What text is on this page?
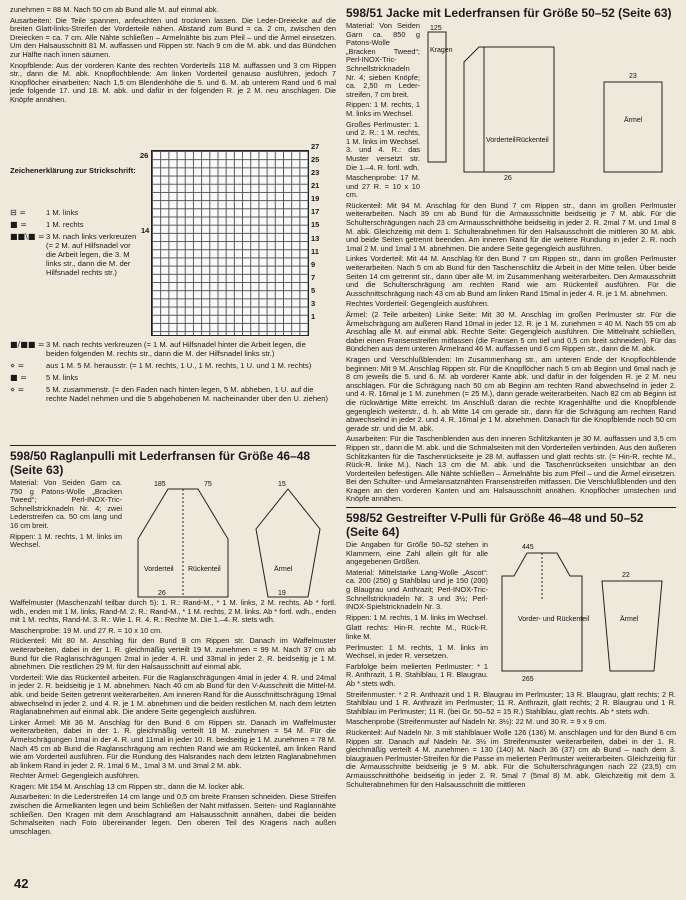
zunehmen = 88 M. Nach 50 cm ab Bund alle M. auf einmal abk.

Ausarbeiten: Die Teile spannen, anfeuchten und trocknen lassen. Die Leder-Dreiecke auf die breiten Glatt-links-Streifen der Vorderteile nähen. Abstand zum Bund = ca. 2 cm, zwischen den Dreiecken = ca. 7 cm. Alle Nähte schließen – Armelnähte bis zum Pfeil – und die Ärmel einsetzen. Um den Halsausschnitt 81 M. auffassen und Rippen str. Nach 9 cm die M. abk. und das Bündchen zur Hälfte nach innen säumen.

Knopfblende: Aus der vorderen Kante des rechten Vorderteils 118 M. auffassen und 3 cm Rippen str., dann die M. abk. Knopflochblende: Am linken Vorderteil genauso ausführen, jedoch 7 Knopflöcher einarbeiten: Nach 1,5 cm Blendenhöhe die 5. und 6. M. ab unterem Rand und 6 mal jede folgende 17. und 18. M. abk. und dafür in der folgenden R. je 2 M. neu anschlagen. Die Knöpfe annähen.

26
14
27
25
23
21
19
17
15
13
11
9
7
5
3
1
Zeichenerklärung zur Strickschrift:
⊟ =	1 M. links
■ =	1 M. rechts
■■\■ = 3 M. nach links verkreuzen (= 2 M. auf Hilfsnadel vor die Arbeit legen, die 3. M links str., dann die M. der Hilfsnadel rechts str.)
■/■■ = 3 M. nach rechts verkreuzen (= 1 M. auf Hilfsnadel hinter die Arbeit legen, die beiden folgenden M. rechts str., dann die M. der Hilfsnadel links str.)
⋄ =	aus 1 M. 5 M. herausstr. (= 1 M. rechts, 1 U., 1 M. rechts, 1 U. und 1 M. rechts)
■ =	5 M. links
⋄ =	5 M. zusammenstr. (= den Faden nach hinten legen, 5 M. abheben, 1 U. auf die rechte Nadel nehmen und die 5 abgehobenen M. nacheinander über den U. ziehen)
598/50 Raglanpulli mit Lederfransen für Größe 46–48 (Seite 63)

Material: Von Seiden Garn ca. 750 g Patons-Wolle „Bracken Tweed“; Perl-INOX-Tric-Schnellstricknadeln Nr. 4; zwei Lederstreifen ca. 50 cm lang und 16 cm breit.

Rippen: 1 M. rechts, 1 M. links im Wechsel.

Vorderteil Rückenteil	Ärmel
185	75	15
26	19

Waffelmuster (Maschenzahl teilbar durch 5): 1. R.: Rand-M., * 1 M. links, 2 M. rechts. Ab * fortl. wdh., enden mit 1 M. links, Rand-M. 2. R.: Rand-M., * 1 M. rechts, 2 M. links. Ab * fortl. wdh., enden mit 1 M. rechts, Rand-M. 3. R.: Wie 1. R. 4. R.: Rechte M. Die 1.–4. R. stets wdh.

Maschenprobe: 19 M. und 27 R. = 10 x 10 cm.

Rückenteil: Mit 80 M. Anschlag für den Bund 8 cm Rippen str. Danach im Waffelmuster weiterarbeiten, dabei in der 1. R. gleichmäßig verteilt 19 M. zunehmen = 99 M. Nach 37 cm ab Bund für die Raglanschrägungen 2mal in jeder 4. R. und 33mal in jeder 2. R. beidseitig je 1 M. abnehmen. Die restlichen 29 M. für den Halsausschnitt auf einmal abk.

Vorderteil: Wie das Rückenteil arbeiten. Für die Raglanschrägungen 4mal in jeder 4. R. und 24mal in jeder 2. R. beidseitig je 1 M. abnehmen. Nach 40 cm ab Bund für den V-Ausschnitt die Mittel-M. abk. und beide Seiten getrennt weiterarbeiten. Am inneren Rand für die Ausschnittschrägung 19mal abwechselnd in jeder 2. und 4. R. je 1 M. abnehmen und die beiden restlichen M. nach dem letzten Raglanabnehmen auf einmal abk. Die andere Seite gegengleich ausführen.

Linker Ärmel: Mit 36 M. Anschlag für den Bund 6 cm Rippen str. Danach im Waffelmuster weiterarbeiten, dabei in der 1. R. gleichmäßig verteilt 18 M. zunehmen = 54 M. Für die Ärmelschrägungen 1mal in der 4. R. und 11mal in jeder 10. R. beidseitig je 1 M. zunehmen = 78 M. Nach 45 cm ab Bund die Raglanschrägung am rechten Rand wie am Rückenteil, am linken Rand wie am Vorderteil ausführen. Für die Rundung des Halsrandes nach dem letzten Raglanabnehmen ab linkem Rand in jeder 2. R. 1mal 6 M., 1mal 3 M. und 3mal 2 M. abk.

Rechter Ärmel: Gegengleich ausführen.

Kragen: Mit 154 M. Anschlag 13 cm Rippen str., dann die M. locker abk.

Ausarbeiten: In die Lederstreifen 14 cm lange und 0,5 cm breite Fransen schneiden. Diese Streifen zwischen die Ärmelkanten legen und beim Schließen der Naht mitfassen. Seiten- und Raglannähte schließen. Den Kragen mit dem Anschlagrand am Halsausschnitt annähen, dabei die beiden Schmalseiten nach Foto übereinander legen. Den oberen Teil des Kragens nach außen umschlagen.

42
598/51 Jacke mit Lederfransen für Größe 50–52 (Seite 63)

Material: Von Seiden Garn ca. 850 g Patons-Wolle „Bracken Tweed“; Perl-INOX-Tric-Schnellstricknadeln Nr. 4; sieben Knöpfe; ca. 2,50 m Leder-streifen, 7 cm breit.

Rippen: 1 M. rechts, 1 M. links im Wechsel.

Großes Perlmuster: 1. und 2. R.: 1 M. rechts, 1 M. links im Wechsel. 3. und 4. R.: das Muster versetzt str. Die 1.–4. R. fortl. wdh.

Maschenprobe: 17 M. und 27 R. = 10 x 10 cm.

Kragen
Vorderteil Rückenteil
Ärmel
125
26
23

Rückenteil: Mit 94 M. Anschlag für den Bund 7 cm Rippen str., dann im großen Perlmuster weiterarbeiten. Nach 39 cm ab Bund für die Armausschnitte beidseitig je 7 M. abk. Für die Schulterschrägungen nach 23 cm Armausschnitthöhe beidseitig in jeder 2. R. 2mal 7 M. und 1mal 8 M. abk. Gleichzeitig mit dem 1. Schulterabnehmen für den Halsausschnitt die mittleren 30 M. abk. und beide Seiten getrennt beenden. Am inneren Rand für die weitere Rundung in jeder 2. R. noch 1mal 2 M. und 1mal 1 M. abnehmen. Die andere Seite gegengleich ausführen.

Linkes Vorderteil: Mit 44 M. Anschlag für den Bund 7 cm Rippen str., dann im großen Perlmuster weiterarbeiten. Nach 5 cm ab Bund für den Taschenschlitz die Arbeit in der Mitte teilen. Über beide Seiten 14 cm getrennt str., dann über alle M. im Zusammenhang weiterarbeiten. Den Armausschnitt und die Schulterschrägung am rechten Rand wie am Rückenteil ausführen. Für die Ausschnittschrägung nach 43 cm ab Bund am linken Rand 15mal in jeder 4. R. je 1 M. abnehmen.

Rechtes Vorderteil: Gegengleich ausführen.

Ärmel: (2 Teile arbeiten) Linke Seite: Mit 30 M. Anschlag im großen Perlmuster str. Für die Ärmelschrägung am äußeren Rand 10mal in jeder 12. R. je 1 M. zunehmen = 40 M. Nach 55 cm ab Anschlag alle M. auf einmal abk. Rechte Seite: Gegengleich ausführen. Die Mittelnaht schließen, dabei einen Fransenstreifen mitfassen (die Fransen 5 cm tief und 0,5 cm breit schneiden). Für das Bündchen aus dem unteren Ärmelrand 46 M. auffassen und 6 cm Rippen str., dann die M. abk.

Kragen und Verschlußblenden: Im Zusammenhang str., am unteren Ende der Knopflochblende beginnen: Mit 9 M. Anschlag Rippen str. Für die Knopflöcher nach 5 cm ab Beginn und 6mal nach je 8 cm jeweils die 5. und 6. M. ab vorderer Kante abk. und dafür in der folgenden R. je 2 M. neu anschlagen. Für die Schrägung nach 50 cm ab Beginn am rechten Rand abwechselnd in jeder 2. und 4. R. 16mal je 1 M. zunehmen (= 25 M.), dann gerade weiterarbeiten. Nach 82 cm ab Beginn ist die rückwärtige Mitte erreicht. Im Anschluß daran die rechte Kragenhälfte und die Knopfblende gegengleich weiterstr., d. h. ab Mitte 14 cm gerade str., dann für die Schrägung am rechten Rand abwechselnd in jeder 2. und 4. R. 16mal je 1 M. abnehmen. Danach für die Knopfblende noch 50 cm gerade str. und die M. abk.

Ausarbeiten: Für die Taschenblenden aus den inneren Schlitzkanten je 30 M. auffassen und 3,5 cm Rippen str., dann die M. abk. und die Schmalseiten mit den Vorderteilen verbinden. Aus den äußeren Schlitzkanten für die Taschenrückseite je 28 M. auffassen und glatt rechts str. (= Hin-R. rechte M., Rück-R. linke M.). Nach 13 cm die M. abk. und die Taschenrückseiten unsichtbar an den Vorderteilen befestigen. Alle Nähte schließen – Ärmelnähte bis zum Pfeil – und die Ärmel einsetzen. Bei den Schulter- und Ärmelansatznähten Fransenstreifen mitfassen. Die Verschlußblenden und den Kragen an den vorderen Kanten und am Halsausschnitt annähen. Knopflöcher umstechen und Knöpfe annähen.

598/52 Gestreifter V-Pulli für Größe 46–48 und 50–52 (Seite 64)

Die Angaben für Größe 50–52 stehen in Klammern, eine Zahl allein gilt für alle angegebenen Größen.

Material: Mittelstarke Lang-Wolle „Ascot“: ca. 200 (250) g Stahlblau und je 150 (200) g Blaugrau und Anthrazit; Perl-INOX-Tric-Schnellstricknadeln Nr. 3 und 3½; Perl-INOX-Spielstricknadeln Nr. 3.

Rippen: 1 M. rechts, 1 M. links im Wechsel.

Glatt rechts: Hin-R. rechte M., Rück-R. linke M.

Perlmuster: 1 M. rechts, 1 M. links im Wechsel, in jeder R. versetzen.

Farbfolge beim melierten Perlmuster: * 1 R. Anthrazit, 1 R. Stahlblau, 1 R. Blaugrau. Ab * stets wdh.

Vorder- und Rückenteil	Ärmel
445
265
22

Streifenmuster: * 2 R. Anthrazit und 1 R. Blaugrau im Perlmuster; 13 R. Blaugrau, glatt rechts; 2 R. Stahlblau und 1 R. Anthrazit im Perlmuster; 11 R. Anthrazit, glatt rechts; 2 R. Blaugrau und 1 R. Stahlblau im Perlmuster; 11 R. (bei Gr. 50–52 = 15 R.) Stahlblau, glatt rechts. Ab * stets wdh.

Maschenprobe (Streifenmuster auf Nadeln Nr. 3½): 22 M. und 30 R. = 9 x 9 cm.

Rückenteil: Auf Nadeln Nr. 3 mit stahlblauer Wolle 126 (136) M. anschlagen und für den Bund 6 cm Rippen str. Danach auf Nadeln Nr. 3½ im Streifenmuster weiterarbeiten, dabei in der 1. R. gleichmäßig verteilt 4 M. zunehmen = 130 (140) M. Nach 36 (37) cm ab Bund – nach dem 3. blaugrauen Perlmuster-Streifen für die Passe im melierten Perlmuster weiterarbeiten. Gleichzeitig für die Armausschnitte beidseitig je 9 M. abk. Für die Schulterschrägungen nach 22 (23,5) cm Armausschnitthöhe beidseitig in jeder 2. R. 5mal 7 (5mal 8) M. abk. Gleichzeitig mit dem 3. Schulterabnehmen für den Halsausschnitt die mittleren
